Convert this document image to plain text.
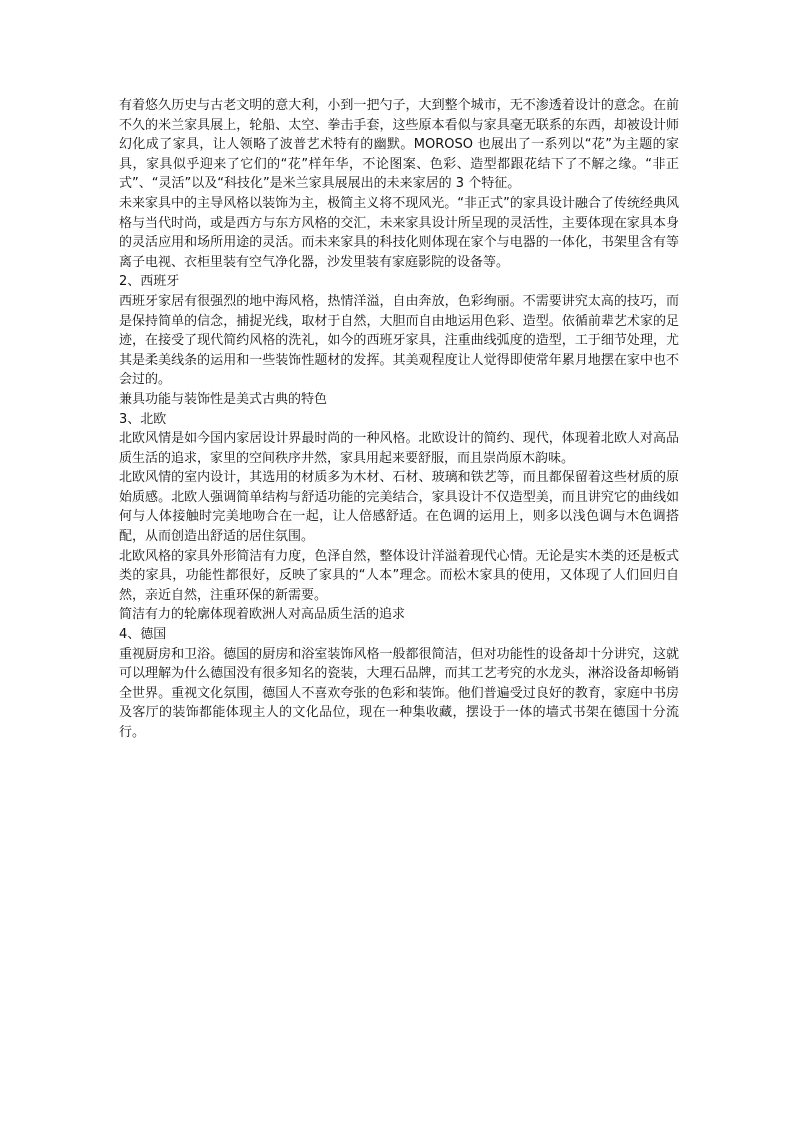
有着悠久历史与古老文明的意大利，小到一把勺子，大到整个城市，无不渗透着设计的意念。在前不久的米兰家具展上，轮船、太空、拳击手套，这些原本看似与家具毫无联系的东西，却被设计师幻化成了家具，让人领略了波普艺术特有的幽默。MOROSO 也展出了一系列以“花”为主题的家具，家具似乎迎来了它们的“花”样年华，不论图案、色彩、造型都跟花结下了不解之缘。“非正式”、“灵活”以及“科技化”是米兰家具展展出的未来家居的 3 个特征。

未来家具中的主导风格以装饰为主，极简主义将不现风光。“非正式”的家具设计融合了传统经典风格与当代时尚，或是西方与东方风格的交汇，未来家具设计所呈现的灵活性，主要体现在家具本身的灵活应用和场所用途的灵活。而未来家具的科技化则体现在家个与电器的一体化，书架里含有等离子电视、衣柜里装有空气净化器，沙发里装有家庭影院的设备等。

2、西班牙

西班牙家居有很强烈的地中海风格，热情洋溢，自由奔放，色彩绚丽。不需要讲究太高的技巧，而是保持简单的信念，捕捉光线，取材于自然，大胆而自由地运用色彩、造型。依循前辈艺术家的足迹，在接受了现代简约风格的洗礼，如今的西班牙家具，注重曲线弧度的造型，工于细节处理，尤其是柔美线条的运用和一些装饰性题材的发挥。其美观程度让人觉得即使常年累月地摆在家中也不会过的。

兼具功能与装饰性是美式古典的特色

3、北欧

北欧风情是如今国内家居设计界最时尚的一种风格。北欧设计的简约、现代，体现着北欧人对高品质生活的追求，家里的空间秩序井然，家具用起来要舒服，而且崇尚原木韵味。

北欧风情的室内设计，其选用的材质多为木材、石材、玻璃和铁艺等，而且都保留着这些材质的原始质感。北欧人强调简单结构与舒适功能的完美结合，家具设计不仅造型美，而且讲究它的曲线如何与人体接触时完美地吻合在一起，让人倍感舒适。在色调的运用上，则多以浅色调与木色调搭配，从而创造出舒适的居住氛围。

北欧风格的家具外形简洁有力度，色泽自然，整体设计洋溢着现代心情。无论是实木类的还是板式类的家具，功能性都很好，反映了家具的“人本”理念。而松木家具的使用，又体现了人们回归自然，亲近自然，注重环保的新需要。

简洁有力的轮廓体现着欧洲人对高品质生活的追求

4、德国

重视厨房和卫浴。德国的厨房和浴室装饰风格一般都很简洁，但对功能性的设备却十分讲究，这就可以理解为什么德国没有很多知名的瓷装，大理石品牌，而其工艺考究的水龙头，淋浴设备却畅销全世界。重视文化氛围，德国人不喜欢夸张的色彩和装饰。他们普遍受过良好的教育，家庭中书房及客厅的装饰都能体现主人的文化品位，现在一种集收藏，摆设于一体的墙式书架在德国十分流行。
